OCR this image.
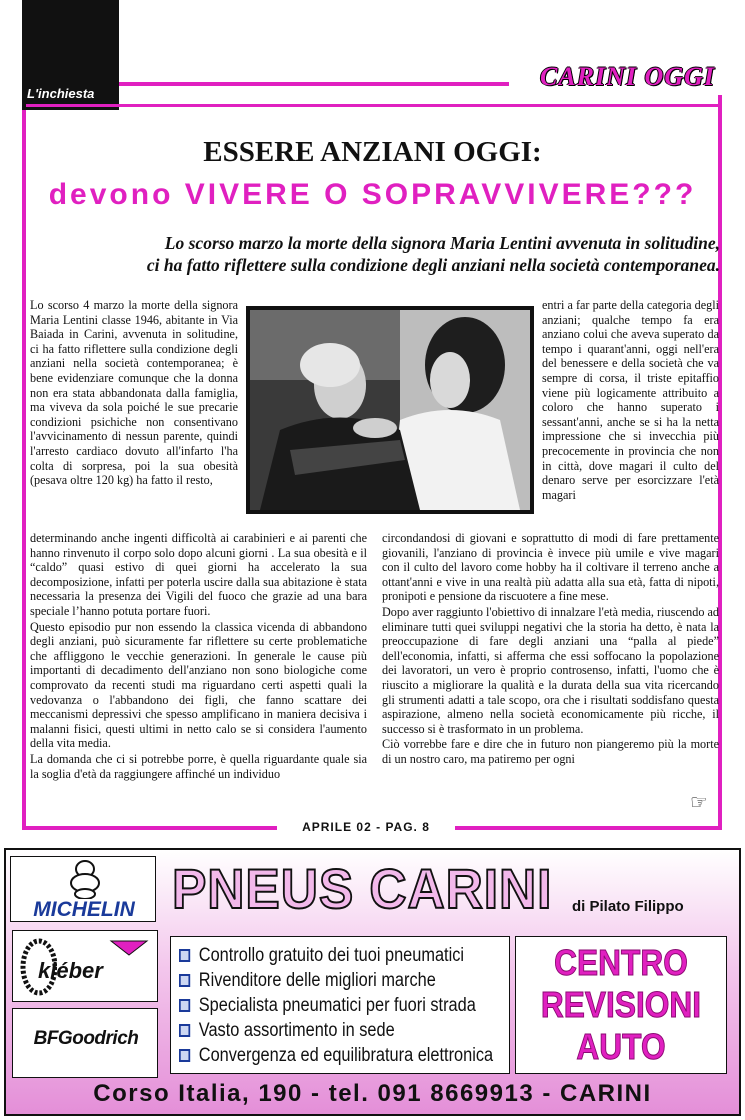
L'inchiesta
CARINI OGGI
ESSERE ANZIANI OGGI:
devono VIVERE O SOPRAVVIVERE???
Lo scorso marzo la morte della signora Maria Lentini avvenuta in solitudine,
ci ha fatto riflettere sulla condizione degli anziani nella società contemporanea.
Lo scorso 4 marzo la morte della signora Maria Lentini classe 1946, abitante in Via Baiada in Carini, avvenuta in solitudine, ci ha fatto riflettere sulla condizione degli anziani nella società contemporanea; è bene evidenziare comunque che la donna non era stata abbandonata dalla famiglia, ma viveva da sola poiché le sue precarie condizioni psichiche non consentivano l'avvicinamento di nessun parente, quindi l'arresto cardiaco dovuto all'infarto l'ha colta di sorpresa, poi la sua obesità (pesava oltre 120 kg) ha fatto il resto,
entri a far parte della categoria degli anziani; qualche tempo fa era anziano colui che aveva superato da tempo i quarant'anni, oggi nell'era del benessere e della società che va sempre di corsa, il triste epitaffio viene più logicamente attribuito a coloro che hanno superato i sessant'anni, anche se si ha la netta impressione che si invecchia più precocemente in provincia che non in città, dove magari il culto del denaro serve per esorcizzare l'età magari
determinando anche ingenti difficoltà ai carabinieri e ai parenti che hanno rinvenuto il corpo solo dopo alcuni giorni . La sua obesità e il “caldo” quasi estivo di quei giorni ha accelerato la sua decomposizione, infatti per poterla uscire dalla sua abitazione è stata necessaria la presenza dei Vigili del fuoco che grazie ad una bara speciale l’hanno potuta portare fuori.
Questo episodio pur non essendo la classica vicenda di abbandono degli anziani, può sicuramente far riflettere su certe problematiche che affliggono le vecchie generazioni. In generale le cause più importanti di decadimento dell'anziano non sono biologiche come comprovato da recenti studi ma riguardano certi aspetti quali la vedovanza o l'abbandono dei figli, che fanno scattare dei meccanismi depressivi che spesso amplificano in maniera decisiva i malanni fisici, questi ultimi in netto calo se si considera l'aumento della vita media.
La domanda che ci si potrebbe porre, è quella riguardante quale sia la soglia d'età da raggiungere affinché un individuo
circondandosi di giovani e soprattutto di modi di fare prettamente giovanili, l'anziano di provincia è invece più umile e vive magari con il culto del lavoro come hobby ha il coltivare il terreno anche a ottant'anni e vive in una realtà più adatta alla sua età, fatta di nipoti, pronipoti e pensione da riscuotere a fine mese.
Dopo aver raggiunto l'obiettivo di innalzare l'età media, riuscendo ad eliminare tutti quei sviluppi negativi che la storia ha detto, è nata la preoccupazione di fare degli anziani una “palla al piede” dell'economia, infatti, si afferma che essi soffocano la popolazione dei lavoratori, un vero è proprio controsenso, infatti, l'uomo che è riuscito a migliorare la qualità e la durata della sua vita ricercando gli strumenti adatti a tale scopo, ora che i risultati soddisfano questa aspirazione, almeno nella società economicamente più ricche, il successo si è trasformato in un problema.
Ciò vorrebbe fare e dire che in futuro non piangeremo più la morte di un nostro caro, ma patiremo per ogni
☞
APRILE 02 - PAG. 8
MICHELIN
kléber
BFGoodrich
PNEUS CARINI di Pilato Filippo
Controllo gratuito dei tuoi pneumatici
Rivenditore delle migliori marche
Specialista pneumatici per fuori strada
Vasto assortimento in sede
Convergenza ed equilibratura elettronica
CENTRO
REVISIONI
AUTO
Corso Italia, 190 - tel. 091 8669913 - CARINI
